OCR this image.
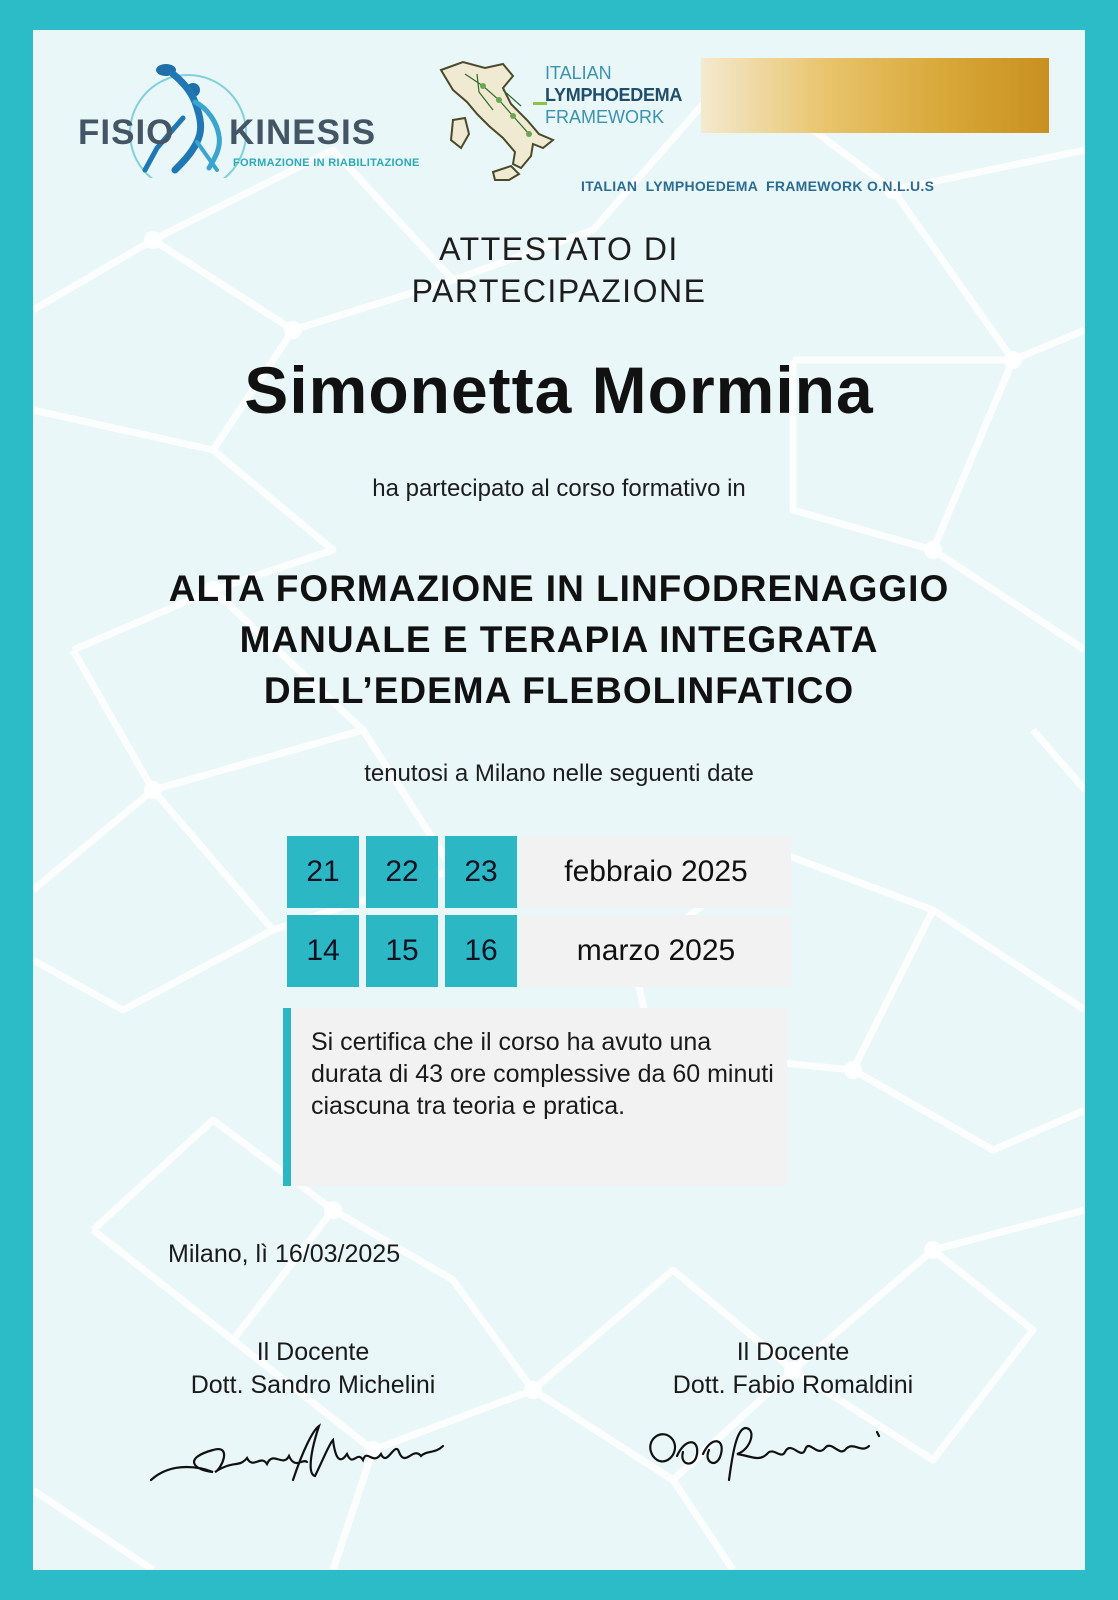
FISIO KINESIS
FORMAZIONE IN RIABILITAZIONE
ITALIAN
LYMPHOEDEMA
FRAMEWORK
ITALIAN  LYMPHOEDEMA  FRAMEWORK O.N.L.U.S
ATTESTATO DI
PARTECIPAZIONE
Simonetta Mormina
ha partecipato al corso formativo in
ALTA FORMAZIONE IN LINFODRENAGGIO
MANUALE E TERAPIA INTEGRATA
DELL’EDEMA FLEBOLINFATICO
tenutosi a Milano nelle seguenti date
21	22	23	febbraio 2025
14	15	16	marzo 2025
Si certifica che il corso ha avuto una durata di 43 ore complessive da 60 minuti ciascuna tra teoria e pratica.
Milano, lì 16/03/2025
Il Docente
Dott. Sandro Michelini
Il Docente
Dott. Fabio Romaldini
